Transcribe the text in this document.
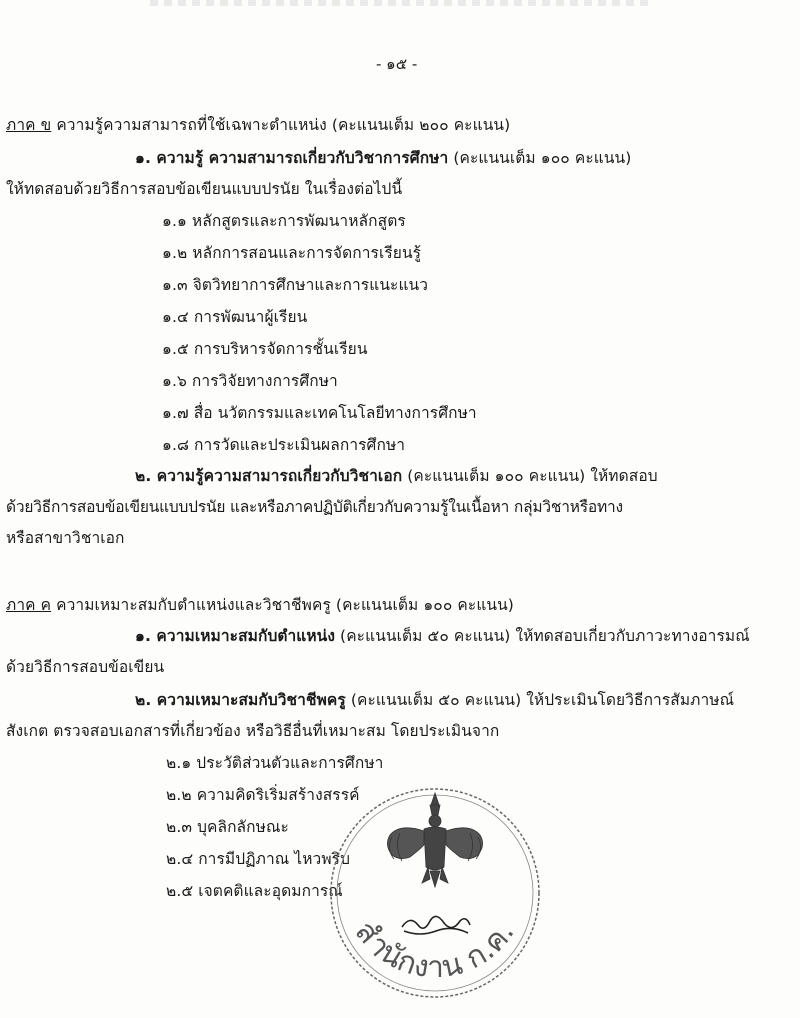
- ๑๕ -
ภาค ข ความรู้ความสามารถที่ใช้เฉพาะตำแหน่ง (คะแนนเต็ม ๒๐๐ คะแนน)
๑. ความรู้ ความสามารถเกี่ยวกับวิชาการศึกษา (คะแนนเต็ม ๑๐๐ คะแนน)
ให้ทดสอบด้วยวิธีการสอบข้อเขียนแบบปรนัย ในเรื่องต่อไปนี้
๑.๑ หลักสูตรและการพัฒนาหลักสูตร
๑.๒ หลักการสอนและการจัดการเรียนรู้
๑.๓ จิตวิทยาการศึกษาและการแนะแนว
๑.๔ การพัฒนาผู้เรียน
๑.๕ การบริหารจัดการชั้นเรียน
๑.๖ การวิจัยทางการศึกษา
๑.๗ สื่อ นวัตกรรมและเทคโนโลยีทางการศึกษา
๑.๘ การวัดและประเมินผลการศึกษา
๒. ความรู้ความสามารถเกี่ยวกับวิชาเอก (คะแนนเต็ม ๑๐๐ คะแนน) ให้ทดสอบ
ด้วยวิธีการสอบข้อเขียนแบบปรนัย และหรือภาคปฏิบัติเกี่ยวกับความรู้ในเนื้อหา กลุ่มวิชาหรือทาง
หรือสาขาวิชาเอก
ภาค ค ความเหมาะสมกับตำแหน่งและวิชาชีพครู (คะแนนเต็ม ๑๐๐ คะแนน)
๑. ความเหมาะสมกับตำแหน่ง (คะแนนเต็ม ๕๐ คะแนน) ให้ทดสอบเกี่ยวกับภาวะทางอารมณ์
ด้วยวิธีการสอบข้อเขียน
๒. ความเหมาะสมกับวิชาชีพครู (คะแนนเต็ม ๕๐ คะแนน) ให้ประเมินโดยวิธีการสัมภาษณ์
สังเกต ตรวจสอบเอกสารที่เกี่ยวข้อง หรือวิธีอื่นที่เหมาะสม โดยประเมินจาก
๒.๑ ประวัติส่วนตัวและการศึกษา
๒.๒ ความคิดริเริ่มสร้างสรรค์
๒.๓ บุคลิกลักษณะ
๒.๔ การมีปฏิภาณ ไหวพริบ
๒.๕ เจตคติและอุดมการณ์
สำนักงาน ก.ค.
